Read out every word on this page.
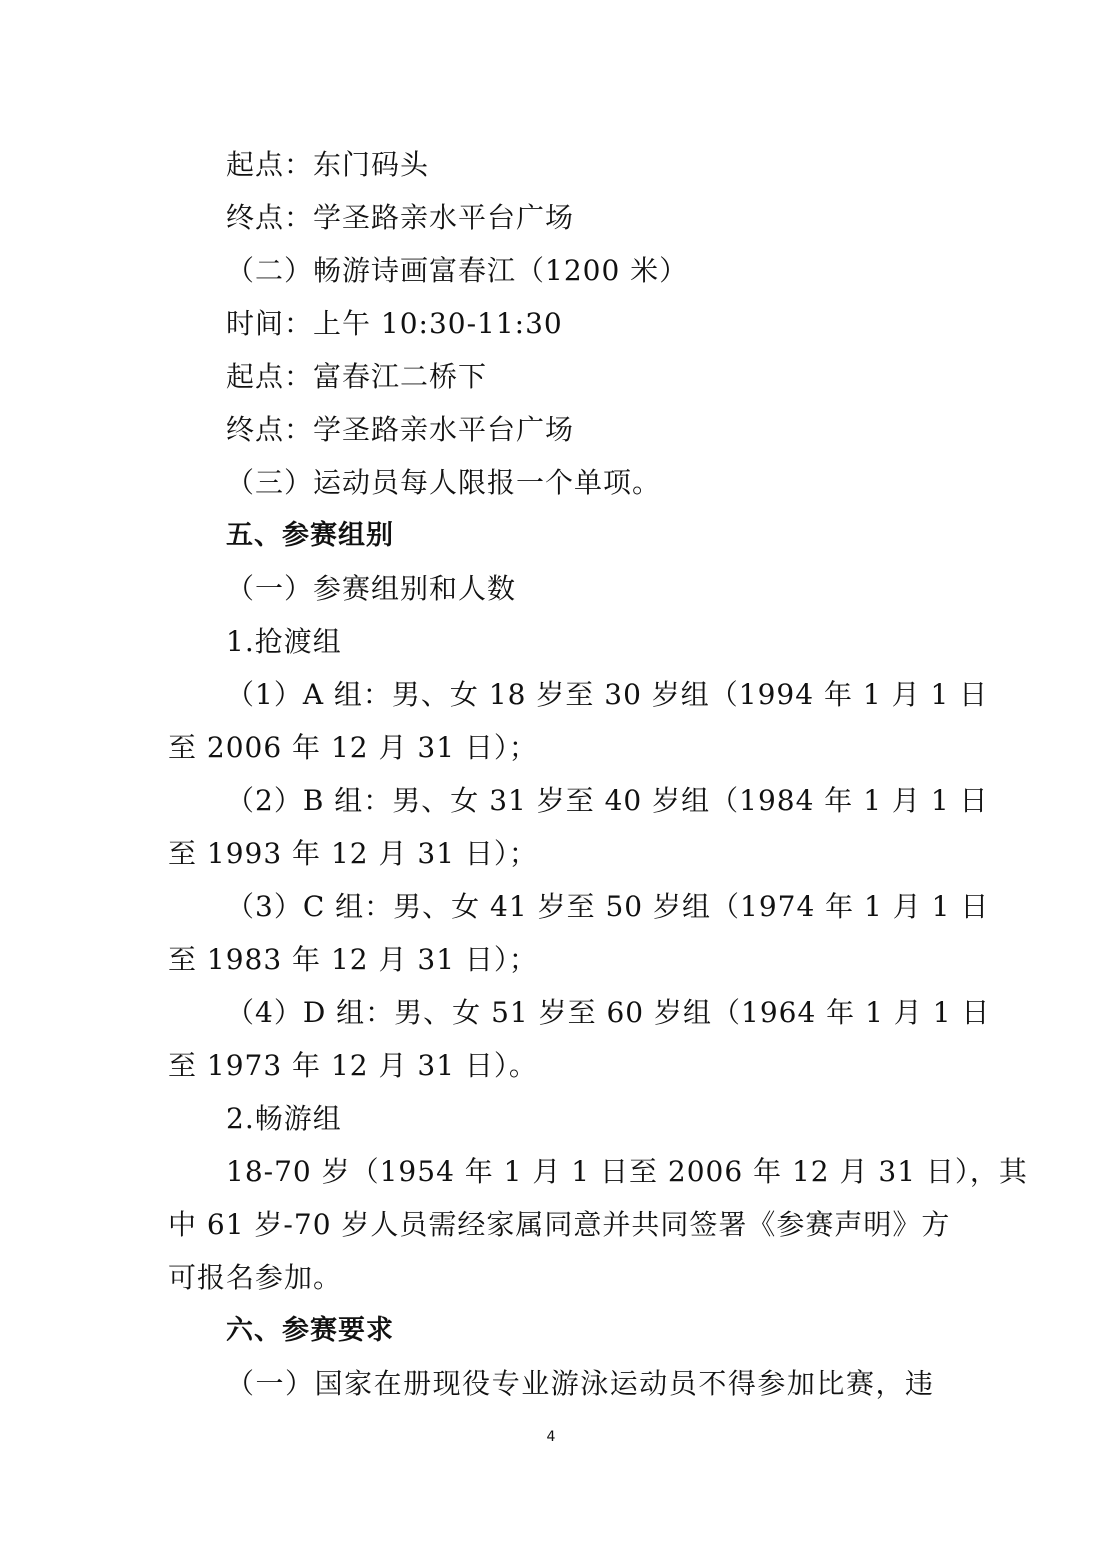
起点：东门码头
终点：学圣路亲水平台广场
（二）畅游诗画富春江（1200 米）
时间：上午 10:30-11:30
起点：富春江二桥下
终点：学圣路亲水平台广场
（三）运动员每人限报一个单项。
五、参赛组别
（一）参赛组别和人数
1.抢渡组
（1）A 组：男、女 18 岁至 30 岁组（1994 年 1 月 1 日
至 2006 年 12 月 31 日）；
（2）B 组：男、女 31 岁至 40 岁组（1984 年 1 月 1 日
至 1993 年 12 月 31 日）；
（3）C 组：男、女 41 岁至 50 岁组（1974 年 1 月 1 日
至 1983 年 12 月 31 日）；
（4）D 组：男、女 51 岁至 60 岁组（1964 年 1 月 1 日
至 1973 年 12 月 31 日）。
2.畅游组
18-70 岁（1954 年 1 月 1 日至 2006 年 12 月 31 日），其
中 61 岁-70 岁人员需经家属同意并共同签署《参赛声明》方
可报名参加。
六、参赛要求
（一）国家在册现役专业游泳运动员不得参加比赛，违
4
